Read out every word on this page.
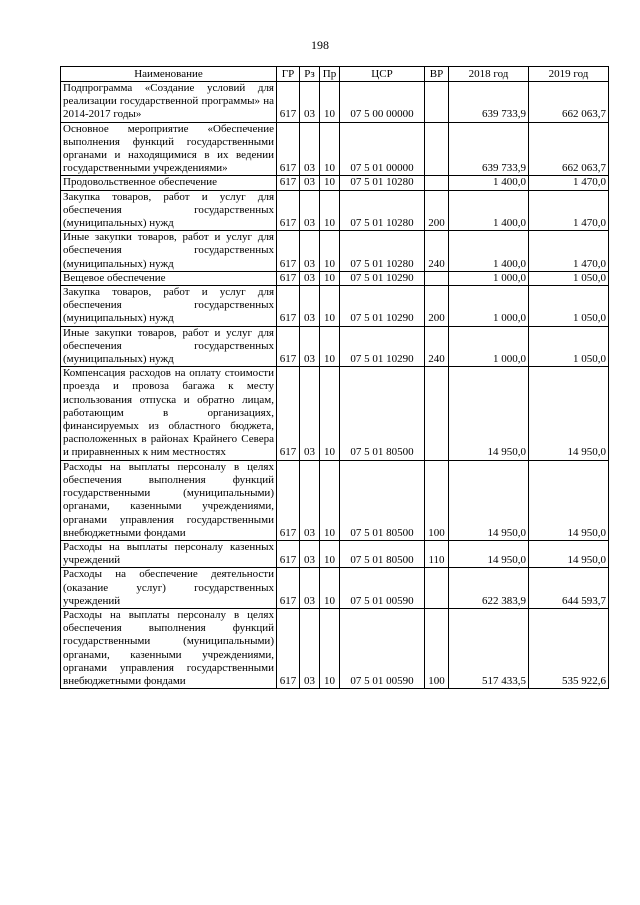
198
Наименование	ГР	Рз	Пр	ЦСР	ВР	2018 год	2019 год
Подпрограмма «Создание условий для реализации государственной программы» на 2014-2017 годы»	617	03	10	07 5 00 00000		639 733,9	662 063,7
Основное мероприятие «Обеспечение выполнения функций государственными органами и находящимися в их ведении государственными учреждениями»	617	03	10	07 5 01 00000		639 733,9	662 063,7
Продовольственное обеспечение	617	03	10	07 5 01 10280		1 400,0	1 470,0
Закупка товаров, работ и услуг для обеспечения государственных (муниципальных) нужд	617	03	10	07 5 01 10280	200	1 400,0	1 470,0
Иные закупки товаров, работ и услуг для обеспечения государственных (муниципальных) нужд	617	03	10	07 5 01 10280	240	1 400,0	1 470,0
Вещевое обеспечение	617	03	10	07 5 01 10290		1 000,0	1 050,0
Закупка товаров, работ и услуг для обеспечения государственных (муниципальных) нужд	617	03	10	07 5 01 10290	200	1 000,0	1 050,0
Иные закупки товаров, работ и услуг для обеспечения государственных (муниципальных) нужд	617	03	10	07 5 01 10290	240	1 000,0	1 050,0
Компенсация расходов на оплату стоимости проезда и провоза багажа к месту использования отпуска и обратно лицам, работающим в организациях, финансируемых из областного бюджета, расположенных в районах Крайнего Севера и приравненных к ним местностях	617	03	10	07 5 01 80500		14 950,0	14 950,0
Расходы на выплаты персоналу в целях обеспечения выполнения функций государственными (муниципальными) органами, казенными учреждениями, органами управления государственными внебюджетными фондами	617	03	10	07 5 01 80500	100	14 950,0	14 950,0
Расходы на выплаты персоналу казенных учреждений	617	03	10	07 5 01 80500	110	14 950,0	14 950,0
Расходы на обеспечение деятельности (оказание услуг) государственных учреждений	617	03	10	07 5 01 00590		622 383,9	644 593,7
Расходы на выплаты персоналу в целях обеспечения выполнения функций государственными (муниципальными) органами, казенными учреждениями, органами управления государственными внебюджетными фондами	617	03	10	07 5 01 00590	100	517 433,5	535 922,6
